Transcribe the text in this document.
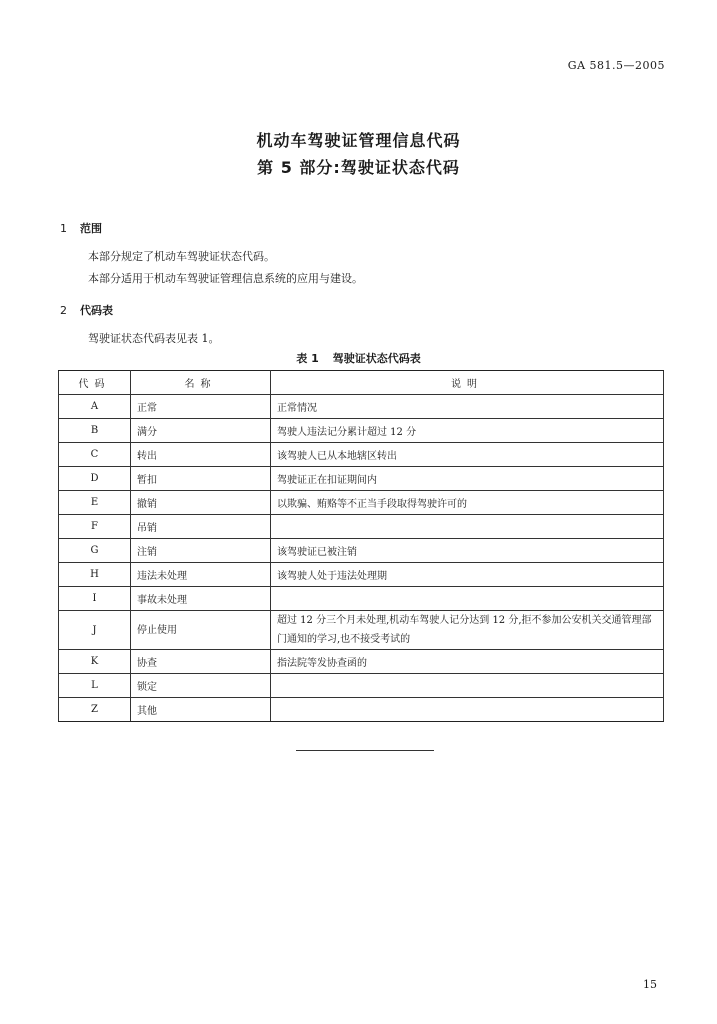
GA 581.5—2005
机动车驾驶证管理信息代码
第 5 部分:驾驶证状态代码
1 范围
本部分规定了机动车驾驶证状态代码。
本部分适用于机动车驾驶证管理信息系统的应用与建设。
2 代码表
驾驶证状态代码表见表 1。
表 1 驾驶证状态代码表
代码	名称	说明
A	正常	正常情况
B	满分	驾驶人违法记分累计超过 12 分
C	转出	该驾驶人已从本地辖区转出
D	暂扣	驾驶证正在扣证期间内
E	撤销	以欺骗、贿赂等不正当手段取得驾驶许可的
F	吊销	
G	注销	该驾驶证已被注销
H	违法未处理	该驾驶人处于违法处理期
I	事故未处理	
J	停止使用	超过 12 分三个月未处理,机动车驾驶人记分达到 12 分,拒不参加公安机关交通管理部门通知的学习,也不接受考试的
K	协查	指法院等发协查函的
L	锁定	
Z	其他	
15
